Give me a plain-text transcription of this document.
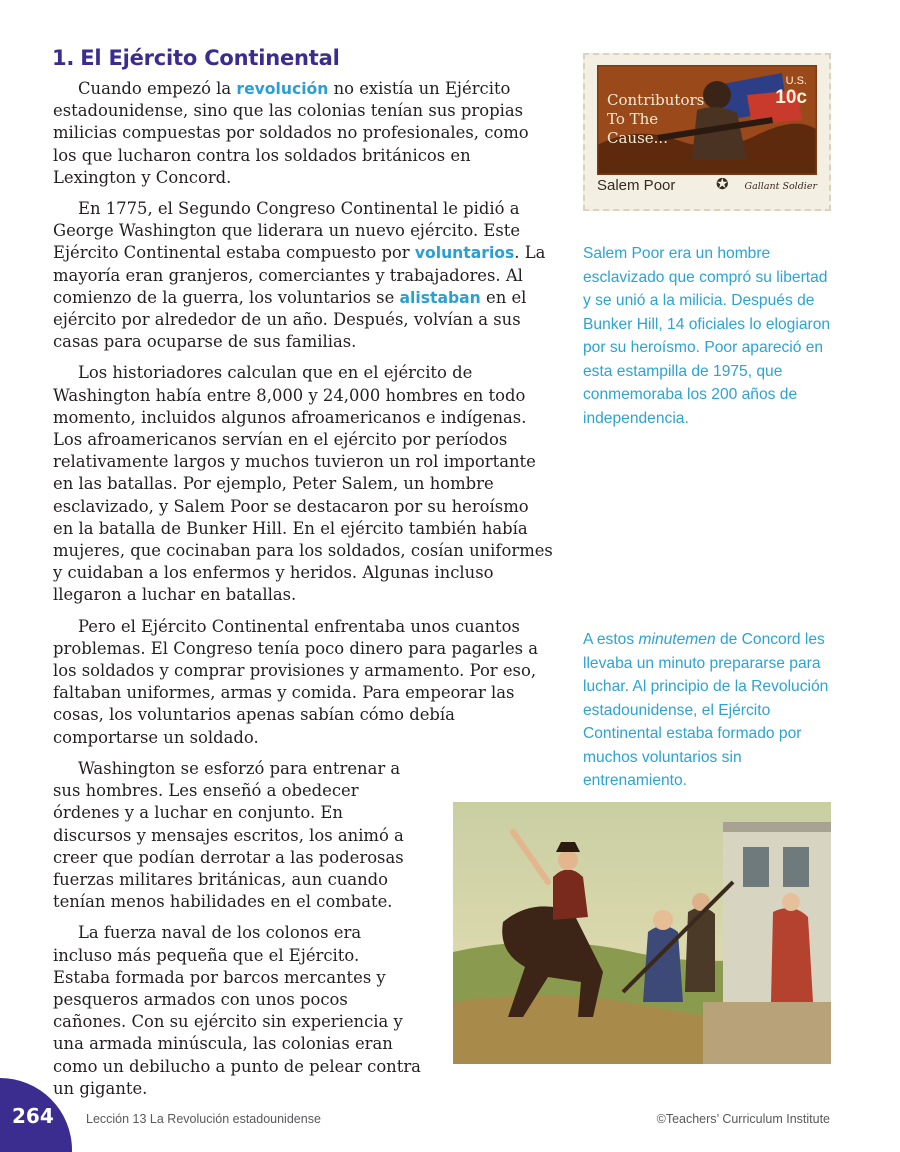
1. El Ejército Continental

Cuando empezó la revolución no existía un Ejército estadounidense, sino que las colonias tenían sus propias milicias compuestas por soldados no profesionales, como los que lucharon contra los soldados británicos en Lexington y Concord.

En 1775, el Segundo Congreso Continental le pidió a George Washington que liderara un nuevo ejército. Este Ejército Continental estaba compuesto por voluntarios. La mayoría eran granjeros, comerciantes y trabajadores. Al comienzo de la guerra, los voluntarios se alistaban en el ejército por alrededor de un año. Después, volvían a sus casas para ocuparse de sus familias.

Los historiadores calculan que en el ejército de Washington había entre 8,000 y 24,000 hombres en todo momento, incluidos algunos afroamericanos e indígenas. Los afroamericanos servían en el ejército por períodos relativamente largos y muchos tuvieron un rol importante en las batallas. Por ejemplo, Peter Salem, un hombre esclavizado, y Salem Poor se destacaron por su heroísmo en la batalla de Bunker Hill. En el ejército también había mujeres, que cocinaban para los soldados, cosían uniformes y cuidaban a los enfermos y heridos. Algunas incluso llegaron a luchar en batallas.

Pero el Ejército Continental enfrentaba unos cuantos problemas. El Congreso tenía poco dinero para pagarles a los soldados y comprar provisiones y armamento. Por eso, faltaban uniformes, armas y comida. Para empeorar las cosas, los voluntarios apenas sabían cómo debía comportarse un soldado.

Washington se esforzó para entrenar a sus hombres. Les enseñó a obedecer órdenes y a luchar en conjunto. En discursos y mensajes escritos, los animó a creer que podían derrotar a las poderosas fuerzas militares británicas, aun cuando tenían menos habilidades en el combate.

La fuerza naval de los colonos era incluso más pequeña que el Ejército. Estaba formada por barcos mercantes y pesqueros armados con unos pocos cañones. Con su ejército sin experiencia y una armada minúscula, las colonias eran como un debilucho a punto de pelear contra un gigante.

Contributors
To The
Cause...
U.S.
10c
Salem Poor	✪ Gallant Soldier
Salem Poor era un hombre esclavizado que compró su libertad y se unió a la milicia. Después de Bunker Hill, 14 oficiales lo elogiaron por su heroísmo. Poor apareció en esta estampilla de 1975, que conmemoraba los 200 años de independencia.
A estos minutemen de Concord les llevaba un minuto prepararse para luchar. Al principio de la Revolución estadounidense, el Ejército Continental estaba formado por muchos voluntarios sin entrenamiento.
264	Lección 13 La Revolución estadounidense	©Teachers’ Curriculum Institute
